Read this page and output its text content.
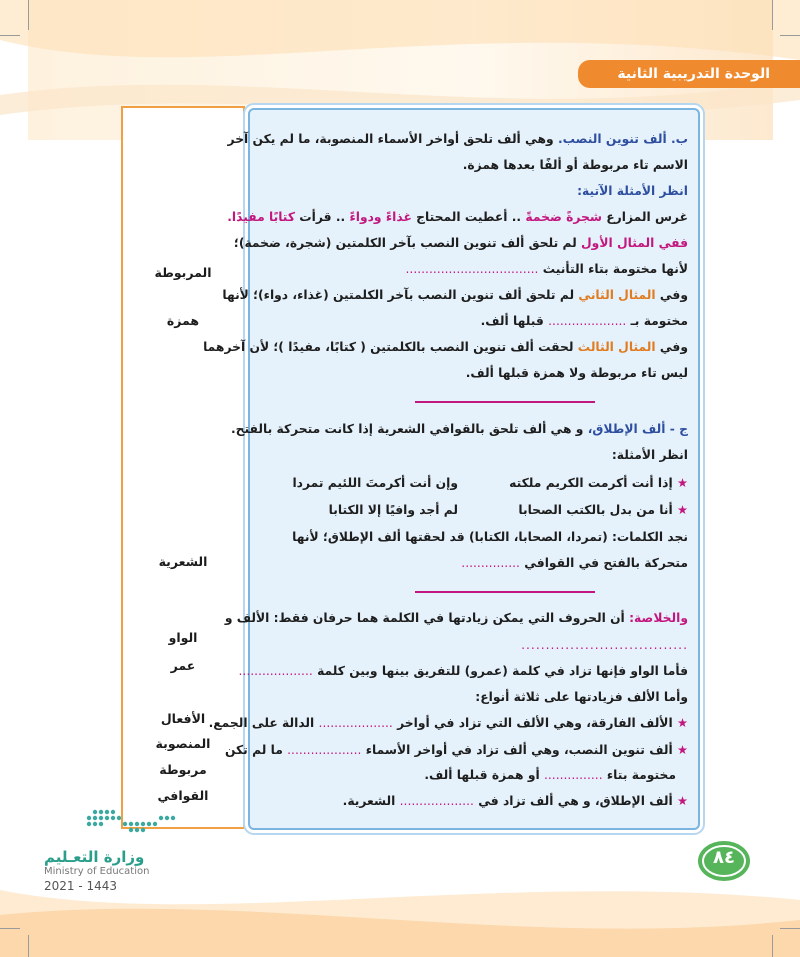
الوحدة التدريبية الثانية
المربوطة
همزة
الشعرية
الواو
عمر
الأفعال
المنصوبة
مربوطة
القوافي
ب. ألف تنوين النصب. وهي ألف تلحق أواخر الأسماء المنصوبة، ما لم يكن آخر
الاسم تاء مربوطة أو ألفًا بعدها همزة.
انظر الأمثلة الآتية:
غرس المزارع شجرةً ضخمةً .. أعطيت المحتاج غذاءً ودواءً .. قرأت كتابًا مفيدًا.
ففي المثال الأول لم تلحق ألف تنوين النصب بآخر الكلمتين (شجرة، ضخمة)؛
لأنها مختومة بتاء التأنيث ..................................
وفي المثال الثاني لم تلحق ألف تنوين النصب بآخر الكلمتين (غذاء، دواء)؛ لأنها
مختومة بـ .................... قبلها ألف.
وفي المثال الثالث لحقت ألف تنوين النصب بالكلمتين ( كتابًا، مفيدًا )؛ لأن آخرهما
ليس تاء مربوطة ولا همزة قبلها ألف.
ج - ألف الإطلاق، و هي ألف تلحق بالقوافي الشعرية إذا كانت متحركة بالفتح.
انظر الأمثلة:
★ إذا أنت أكرمت الكريم ملكته
وإن أنت أكرمتَ اللئيم تمردا
★ أنا من بدل بالكتب الصحابا
لم أجد وافيًا إلا الكتابا
نجد الكلمات: (تمردا، الصحابا، الكتابا) قد لحقتها ألف الإطلاق؛ لأنها
متحركة بالفتح في القوافي ...............
والخلاصة: أن الحروف التي يمكن زيادتها في الكلمة هما حرفان فقط: الألف و
..................................
فأما الواو فإنها تزاد في كلمة (عمرو) للتفريق بينها وبين كلمة ...................
وأما الألف فزيادتها على ثلاثة أنواع:
★ الألف الفارقة، وهي الألف التي تزاد في أواخر ................... الدالة على الجمع.
★ ألف تنوين النصب، وهي ألف تزاد في أواخر الأسماء ................... ما لم تكن
مختومة بتاء ............... أو همزة قبلها ألف.
★ ألف الإطلاق، و هي ألف تزاد في ................... الشعرية.
وزارة التعـليم
Ministry of Education
2021 - 1443
٨٤
